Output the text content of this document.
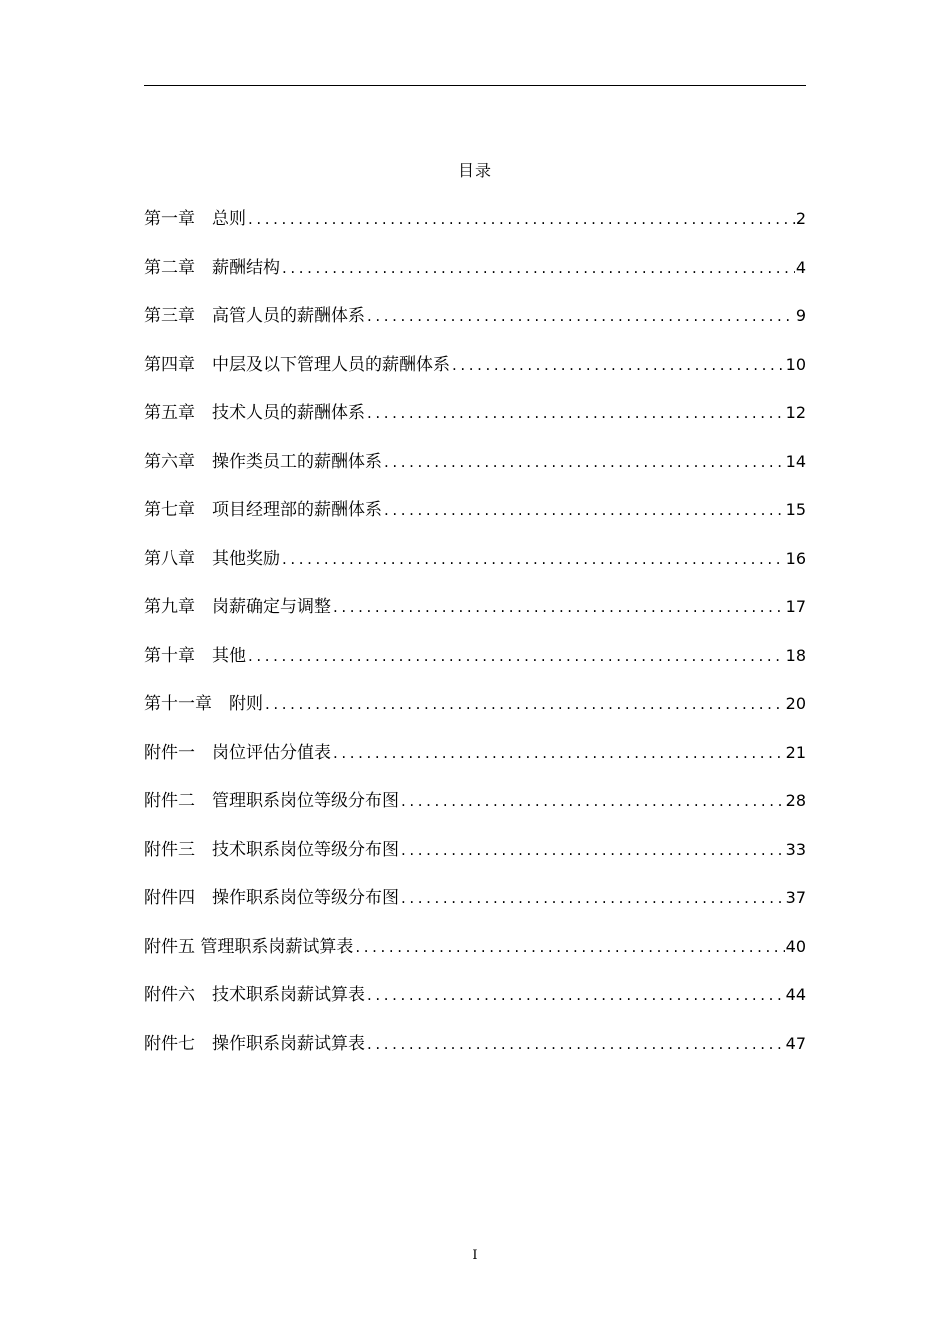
目录
第一章　 总则 .....	2
第二章　 薪酬结构 .....	4
第三章　 高管人员的薪酬体系 .....	9
第四章　 中层及以下管理人员的薪酬体系 .....	10
第五章　 技术人员的薪酬体系 .....	12
第六章　 操作类员工的薪酬体系 .....	14
第七章　 项目经理部的薪酬体系 .....	15
第八章　 其他奖励 .....	16
第九章　 岗薪确定与调整 .....	17
第十章　 其他 .....	18
第十一章　 附则 .....	20
附件一　 岗位评估分值表 .....	21
附件二　 管理职系岗位等级分布图 .....	28
附件三　 技术职系岗位等级分布图 .....	33
附件四　 操作职系岗位等级分布图 .....	37
附件五 管理职系岗薪试算表 .....	40
附件六　 技术职系岗薪试算表 .....	44
附件七　 操作职系岗薪试算表 .....	47
I
